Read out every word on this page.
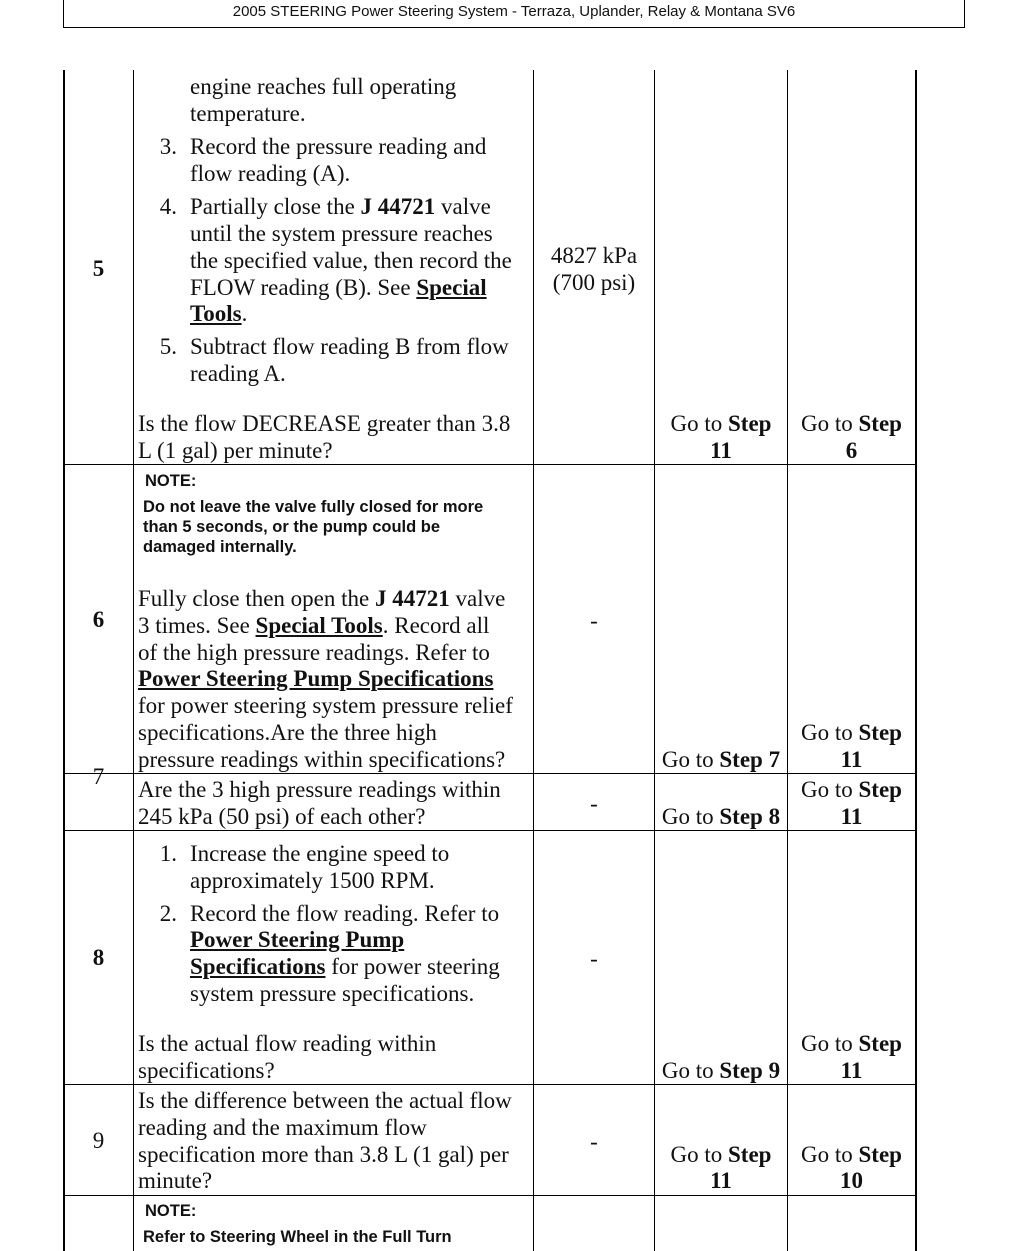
2005 STEERING Power Steering System - Terraza, Uplander, Relay & Montana SV6
5
engine reaches full operating
temperature.
3. Record the pressure reading and
flow reading (A).
4. Partially close the J 44721 valve
until the system pressure reaches
the specified value, then record the
FLOW reading (B). See Special
Tools.
5. Subtract flow reading B from flow
reading A.
Is the flow DECREASE greater than 3.8
L (1 gal) per minute?
4827 kPa
(700 psi)
Go to Step
11
Go to Step
6
6
NOTE:
Do not leave the valve fully closed for more
than 5 seconds, or the pump could be
damaged internally.
Fully close then open the J 44721 valve
3 times. See Special Tools. Record all
of the high pressure readings. Refer to
Power Steering Pump Specifications
for power steering system pressure relief
specifications.Are the three high
pressure readings within specifications?
-
Go to Step 7
Go to Step
11
7
Are the 3 high pressure readings within
245 kPa (50 psi) of each other?
-
Go to Step 8
Go to Step
11
8
1. Increase the engine speed to
approximately 1500 RPM.
2. Record the flow reading. Refer to
Power Steering Pump
Specifications for power steering
system pressure specifications.
Is the actual flow reading within
specifications?
-
Go to Step 9
Go to Step
11
9
Is the difference between the actual flow
reading and the maximum flow
specification more than 3.8 L (1 gal) per
minute?
-
Go to Step
11
Go to Step
10
NOTE:
Refer to Steering Wheel in the Full Turn
